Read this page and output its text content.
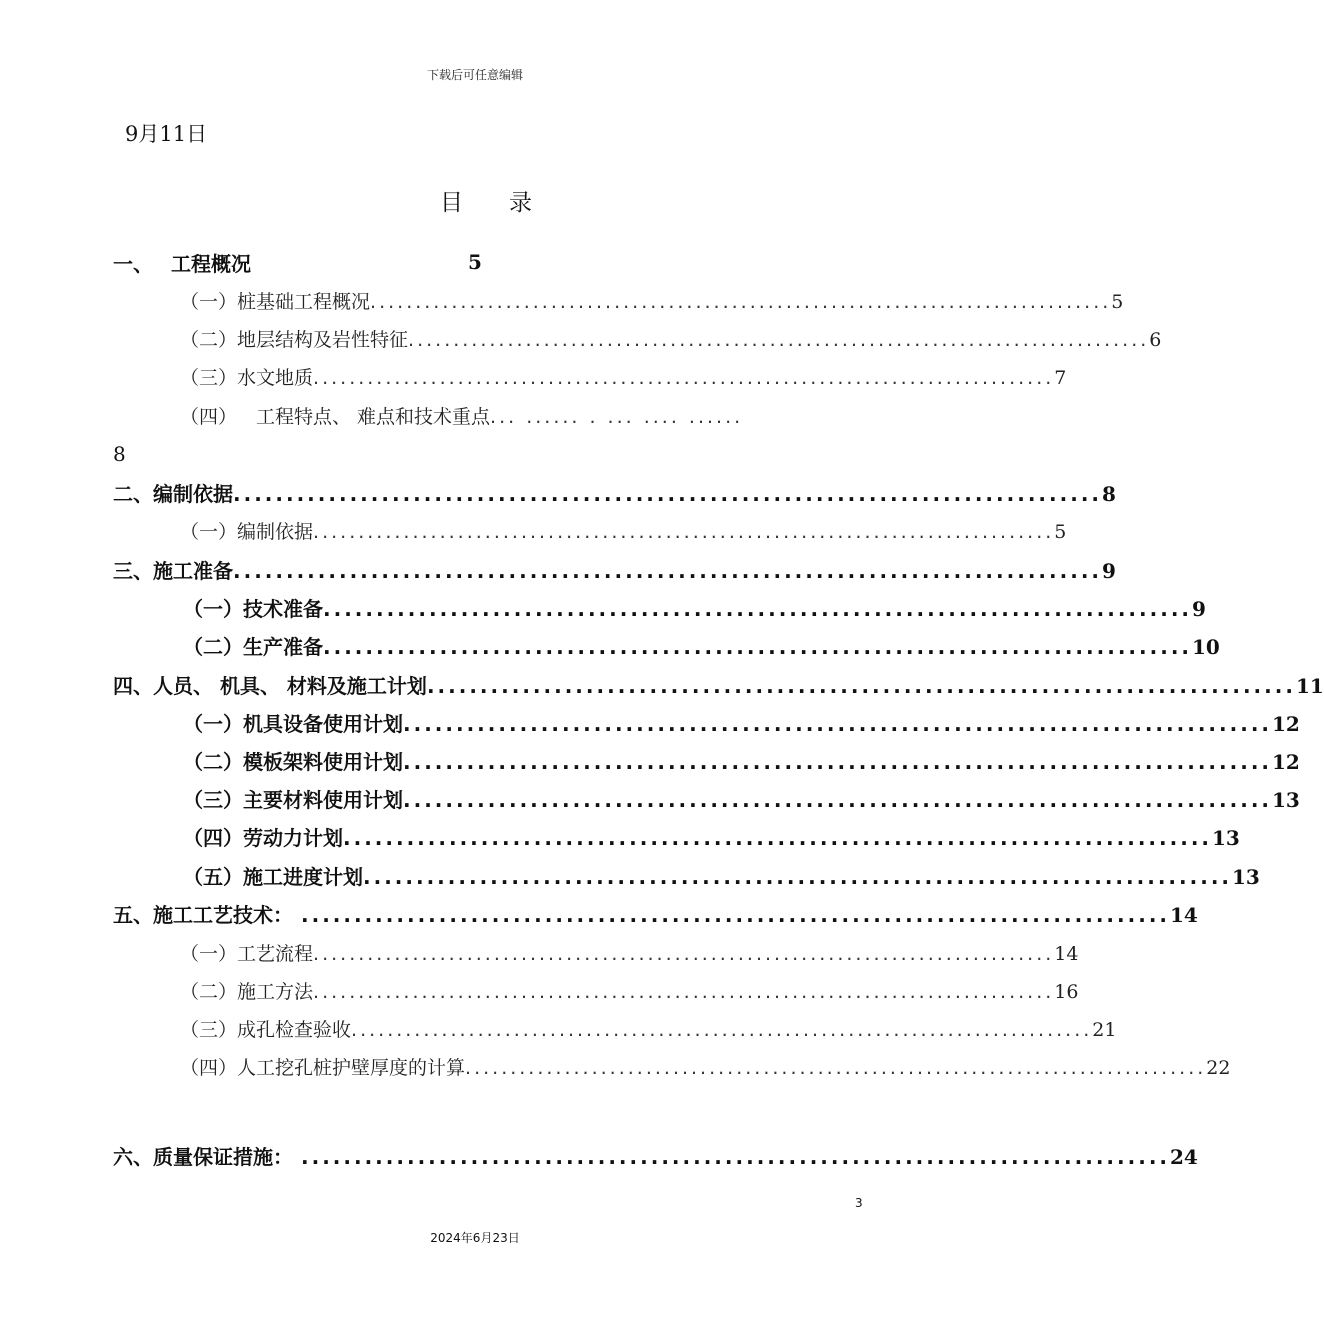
下载后可任意编辑
9月11日
目 录
一、 工程概况	5
（一） 桩基础工程概况 .................................................................................. 5
（二） 地层结构及岩性特征 .................................................................................. 6
（三） 水文地质 .................................................................................. 7
（四） 工程特点、 难点和技术重点 ... ...... . ... .... ......
8
二、 编制依据 .................................................................................. 8
（一） 编制依据 .................................................................................. 5
三、 施工准备 .................................................................................. 9
（一） 技术准备 .................................................................................. 9
（二） 生产准备 .................................................................................. 10
四、 人员、 机具、 材料及施工计划 .................................................................................. 11
（一） 机具设备使用计划 .................................................................................. 12
（二） 模板架料使用计划 .................................................................................. 12
（三） 主要材料使用计划 .................................................................................. 13
（四） 劳动力计划 .................................................................................. 13
（五） 施工进度计划 .................................................................................. 13
五、 施工工艺技术： .................................................................................. 14
（一） 工艺流程 .................................................................................. 14
（二） 施工方法 .................................................................................. 16
（三） 成孔检查验收 .................................................................................. 21
（四） 人工挖孔桩护壁厚度的计算 .................................................................................. 22
六、 质量保证措施： .................................................................................. 24
3
2024年6月23日
